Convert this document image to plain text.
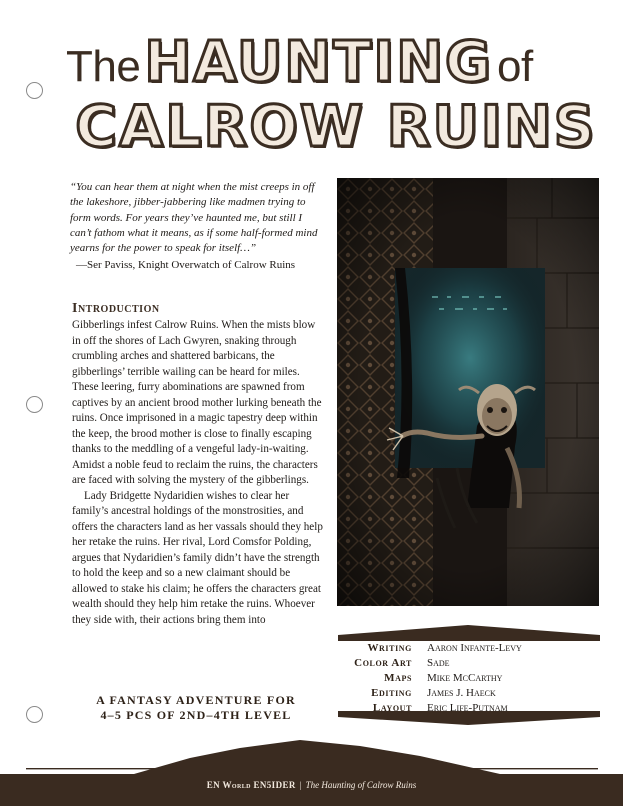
The HAUNTING of
CALROW RUINS
“You can hear them at night when the mist creeps in off the lakeshore, jibber-jabbering like madmen trying to form words. For years they’ve haunted me, but still I can’t fathom what it means, as if some half-formed mind yearns for the power to speak for itself…”
—Ser Paviss, Knight Overwatch of Calrow Ruins
Introduction

Gibberlings infest Calrow Ruins. When the mists blow in off the shores of Lach Gwyren, snaking through crumbling arches and shattered barbicans, the gibberlings’ terrible wailing can be heard for miles. These leering, furry abominations are spawned from captives by an ancient brood mother lurking beneath the ruins. Once imprisoned in a magic tapestry deep within the keep, the brood mother is close to finally escaping thanks to the meddling of a vengeful lady-in-waiting. Amidst a noble feud to reclaim the ruins, the characters are faced with solving the mystery of the gibberlings.

Lady Bridgette Nydaridien wishes to clear her family’s ancestral holdings of the monstrosities, and offers the characters land as her vassals should they help her retake the ruins. Her rival, Lord Comsfor Polding, argues that Nydaridien’s family didn’t have the strength to hold the keep and so a new claimant should be allowed to stake his claim; he offers the characters great wealth should they help him retake the ruins. Whoever they side with, their actions bring them into

A FANTASY ADVENTURE FOR
4–5 PCS OF 2ND–4TH LEVEL
Writing Aaron Infante-Levy
Color Art Sade
Maps Mike McCarthy
Editing James J. Haeck
Layout Eric Life-Putnam
EN World EN5IDER | The Haunting of Calrow Ruins
